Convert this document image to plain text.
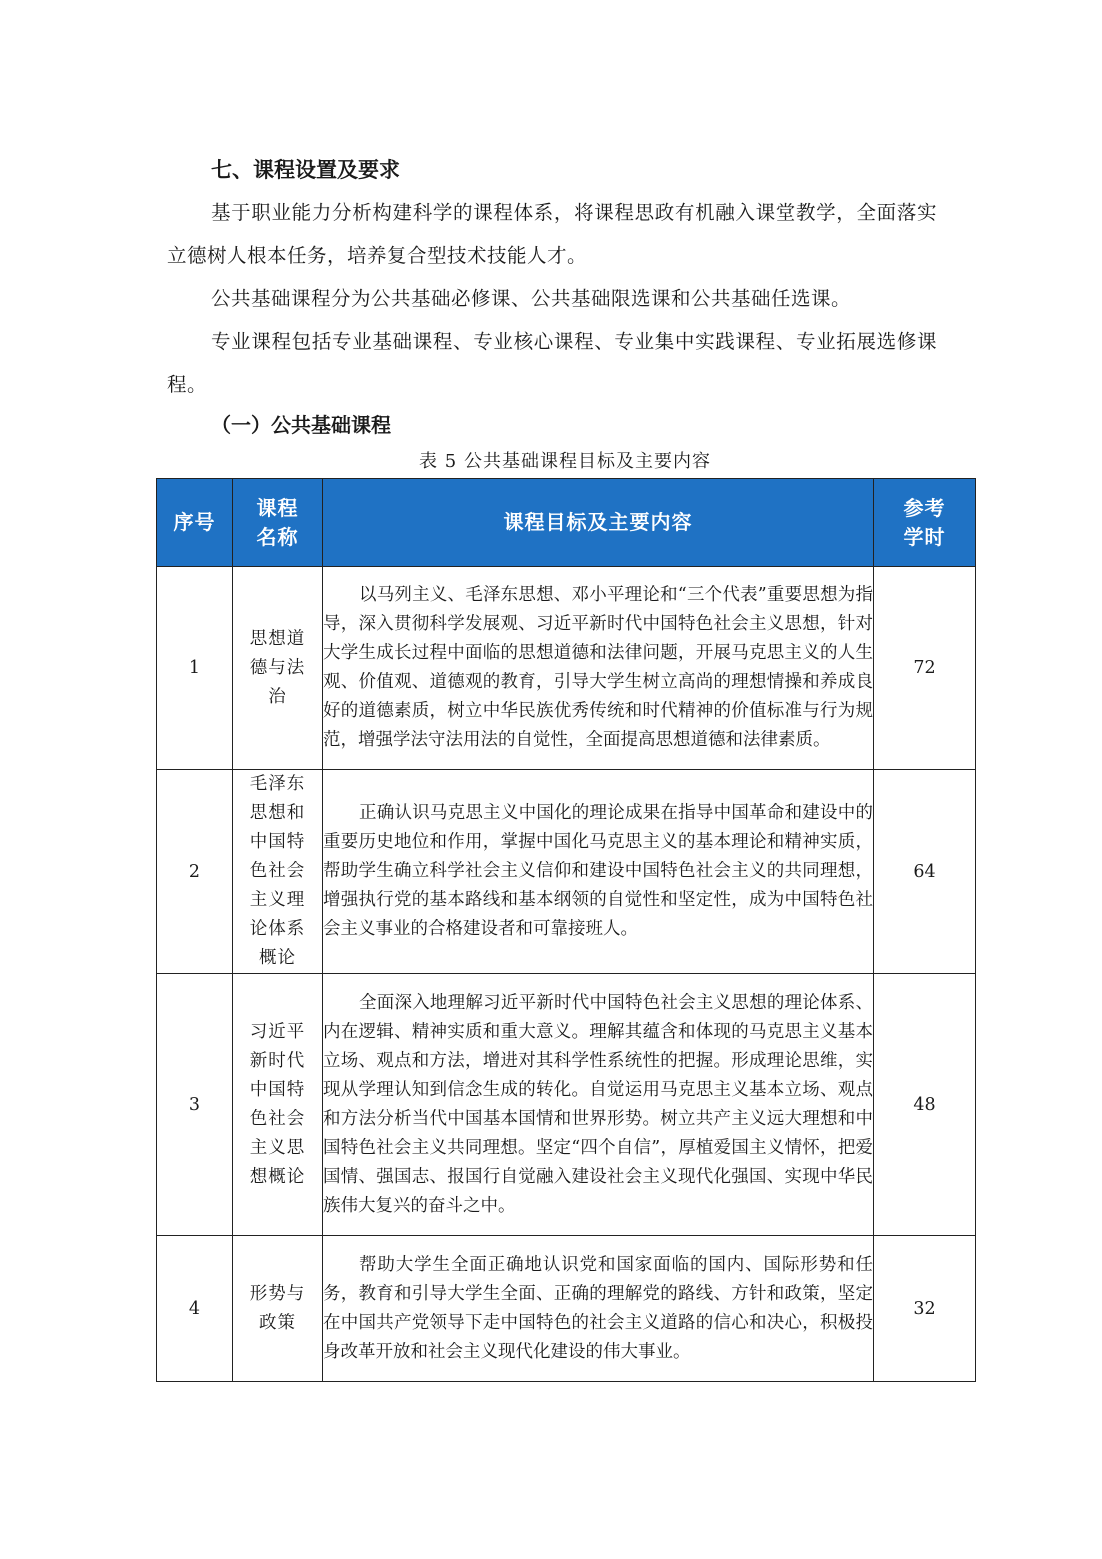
七、课程设置及要求

基于职业能力分析构建科学的课程体系，将课程思政有机融入课堂教学，全面落实立德树人根本任务，培养复合型技术技能人才。

公共基础课程分为公共基础必修课、公共基础限选课和公共基础任选课。

专业课程包括专业基础课程、专业核心课程、专业集中实践课程、专业拓展选修课程。

（一）公共基础课程

表 5 公共基础课程目标及主要内容

序号	课程名称	课程目标及主要内容	参考学时
1	思想道德与法治	以马列主义、毛泽东思想、邓小平理论和“三个代表”重要思想为指导，深入贯彻科学发展观、习近平新时代中国特色社会主义思想，针对大学生成长过程中面临的思想道德和法律问题，开展马克思主义的人生观、价值观、道德观的教育，引导大学生树立高尚的理想情操和养成良好的道德素质，树立中华民族优秀传统和时代精神的价值标准与行为规范，增强学法守法用法的自觉性，全面提高思想道德和法律素质。	72
2	毛泽东思想和中国特色社会主义理论体系概论	正确认识马克思主义中国化的理论成果在指导中国革命和建设中的重要历史地位和作用，掌握中国化马克思主义的基本理论和精神实质，帮助学生确立科学社会主义信仰和建设中国特色社会主义的共同理想，增强执行党的基本路线和基本纲领的自觉性和坚定性，成为中国特色社会主义事业的合格建设者和可靠接班人。	64
3	习近平新时代中国特色社会主义思想概论	全面深入地理解习近平新时代中国特色社会主义思想的理论体系、内在逻辑、精神实质和重大意义。理解其蕴含和体现的马克思主义基本立场、观点和方法，增进对其科学性系统性的把握。形成理论思维，实现从学理认知到信念生成的转化。自觉运用马克思主义基本立场、观点和方法分析当代中国基本国情和世界形势。树立共产主义远大理想和中国特色社会主义共同理想。坚定“四个自信”，厚植爱国主义情怀，把爱国情、强国志、报国行自觉融入建设社会主义现代化强国、实现中华民族伟大复兴的奋斗之中。	48
4	形势与政策	帮助大学生全面正确地认识党和国家面临的国内、国际形势和任务，教育和引导大学生全面、正确的理解党的路线、方针和政策，坚定在中国共产党领导下走中国特色的社会主义道路的信心和决心，积极投身改革开放和社会主义现代化建设的伟大事业。	32
